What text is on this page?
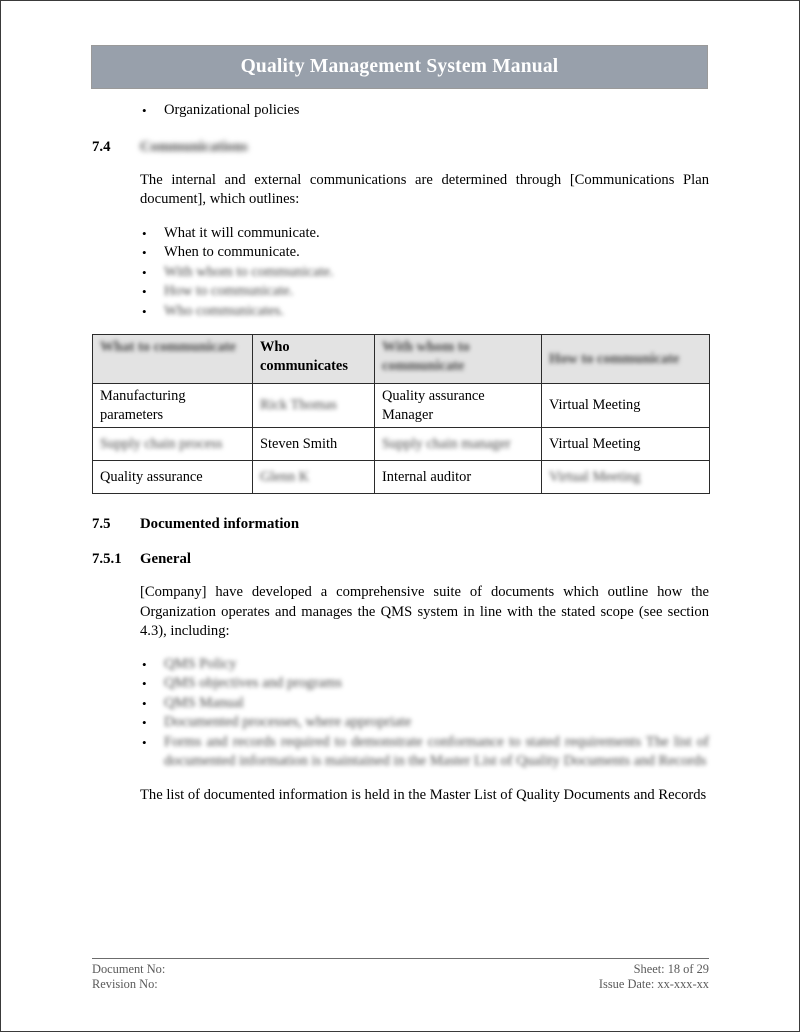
Quality Management System Manual
• Organizational policies
7.4	Communications
The internal and external communications are determined through [Communications Plan document], which outlines:
• What it will communicate.
• When to communicate.
• With whom to communicate.
• How to communicate.
• Who communicates.
What to communicate	Who communicates	With whom to communicate	How to communicate
Manufacturing parameters	Rick Thomas	Quality assurance Manager	Virtual Meeting
Supply chain process	Steven Smith	Supply chain manager	Virtual Meeting
Quality assurance	Glenn K	Internal auditor	Virtual Meeting
7.5	Documented information
7.5.1	General
[Company] have developed a comprehensive suite of documents which outline how the Organization operates and manages the QMS system in line with the stated scope (see section 4.3), including:
• QMS Policy
• QMS objectives and programs
• QMS Manual
• Documented processes, where appropriate
• Forms and records required to demonstrate conformance to stated requirements The list of documented information is maintained in the Master List of Quality Documents and Records
The list of documented information is held in the Master List of Quality Documents and Records
Document No:
Revision No:
Sheet: 18 of 29
Issue Date: xx-xxx-xx
